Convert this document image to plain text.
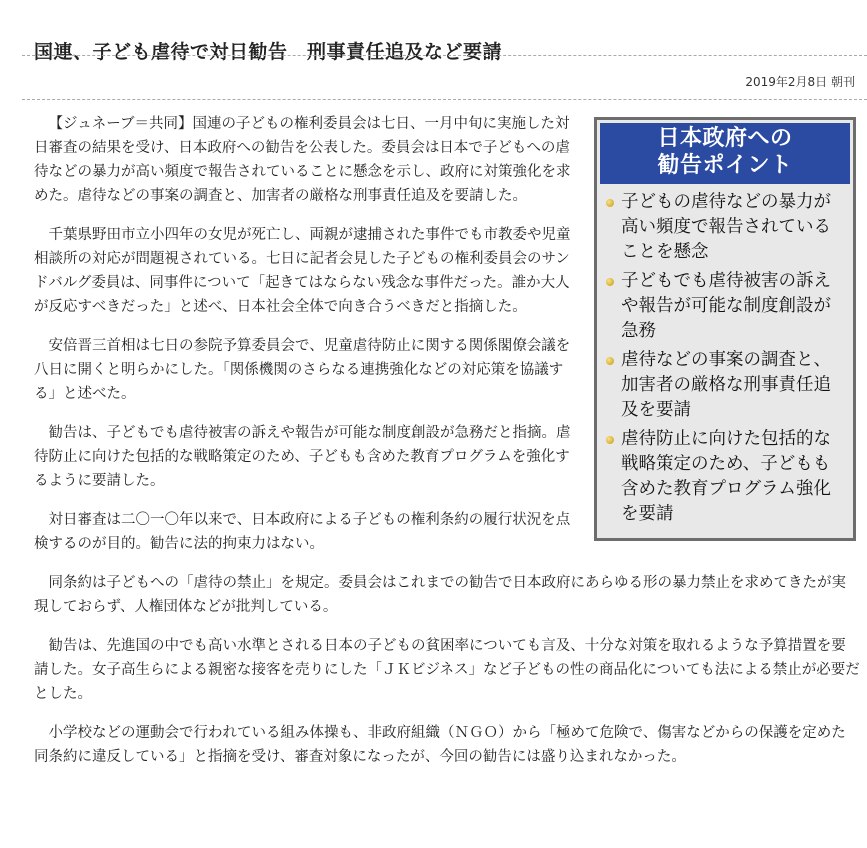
国連、子ども虐待で対日勧告　刑事責任追及など要請
2019年2月8日 朝刊
日本政府への
勧告ポイント
子どもの虐待などの暴力が高い頻度で報告されていることを懸念
子どもでも虐待被害の訴えや報告が可能な制度創設が急務
虐待などの事案の調査と、加害者の厳格な刑事責任追及を要請
虐待防止に向けた包括的な戦略策定のため、子どもも含めた教育プログラム強化を要請

【ジュネーブ＝共同】国連の子どもの権利委員会は七日、一月中旬に実施した対日審査の結果を受け、日本政府への勧告を公表した。委員会は日本で子どもへの虐待などの暴力が高い頻度で報告されていることに懸念を示し、政府に対策強化を求めた。虐待などの事案の調査と、加害者の厳格な刑事責任追及を要請した。

千葉県野田市立小四年の女児が死亡し、両親が逮捕された事件でも市教委や児童相談所の対応が問題視されている。七日に記者会見した子どもの権利委員会のサンドバルグ委員は、同事件について「起きてはならない残念な事件だった。誰か大人が反応すべきだった」と述べ、日本社会全体で向き合うべきだと指摘した。

安倍晋三首相は七日の参院予算委員会で、児童虐待防止に関する関係閣僚会議を八日に開くと明らかにした。「関係機関のさらなる連携強化などの対応策を協議する」と述べた。

勧告は、子どもでも虐待被害の訴えや報告が可能な制度創設が急務だと指摘。虐待防止に向けた包括的な戦略策定のため、子どもも含めた教育プログラムを強化するように要請した。

対日審査は二〇一〇年以来で、日本政府による子どもの権利条約の履行状況を点検するのが目的。勧告に法的拘束力はない。

同条約は子どもへの「虐待の禁止」を規定。委員会はこれまでの勧告で日本政府にあらゆる形の暴力禁止を求めてきたが実現しておらず、人権団体などが批判している。

勧告は、先進国の中でも高い水準とされる日本の子どもの貧困率についても言及、十分な対策を取れるような予算措置を要請した。女子高生らによる親密な接客を売りにした「ＪＫビジネス」など子どもの性の商品化についても法による禁止が必要だとした。

小学校などの運動会で行われている組み体操も、非政府組織（ＮＧＯ）から「極めて危険で、傷害などからの保護を定めた同条約に違反している」と指摘を受け、審査対象になったが、今回の勧告には盛り込まれなかった。
